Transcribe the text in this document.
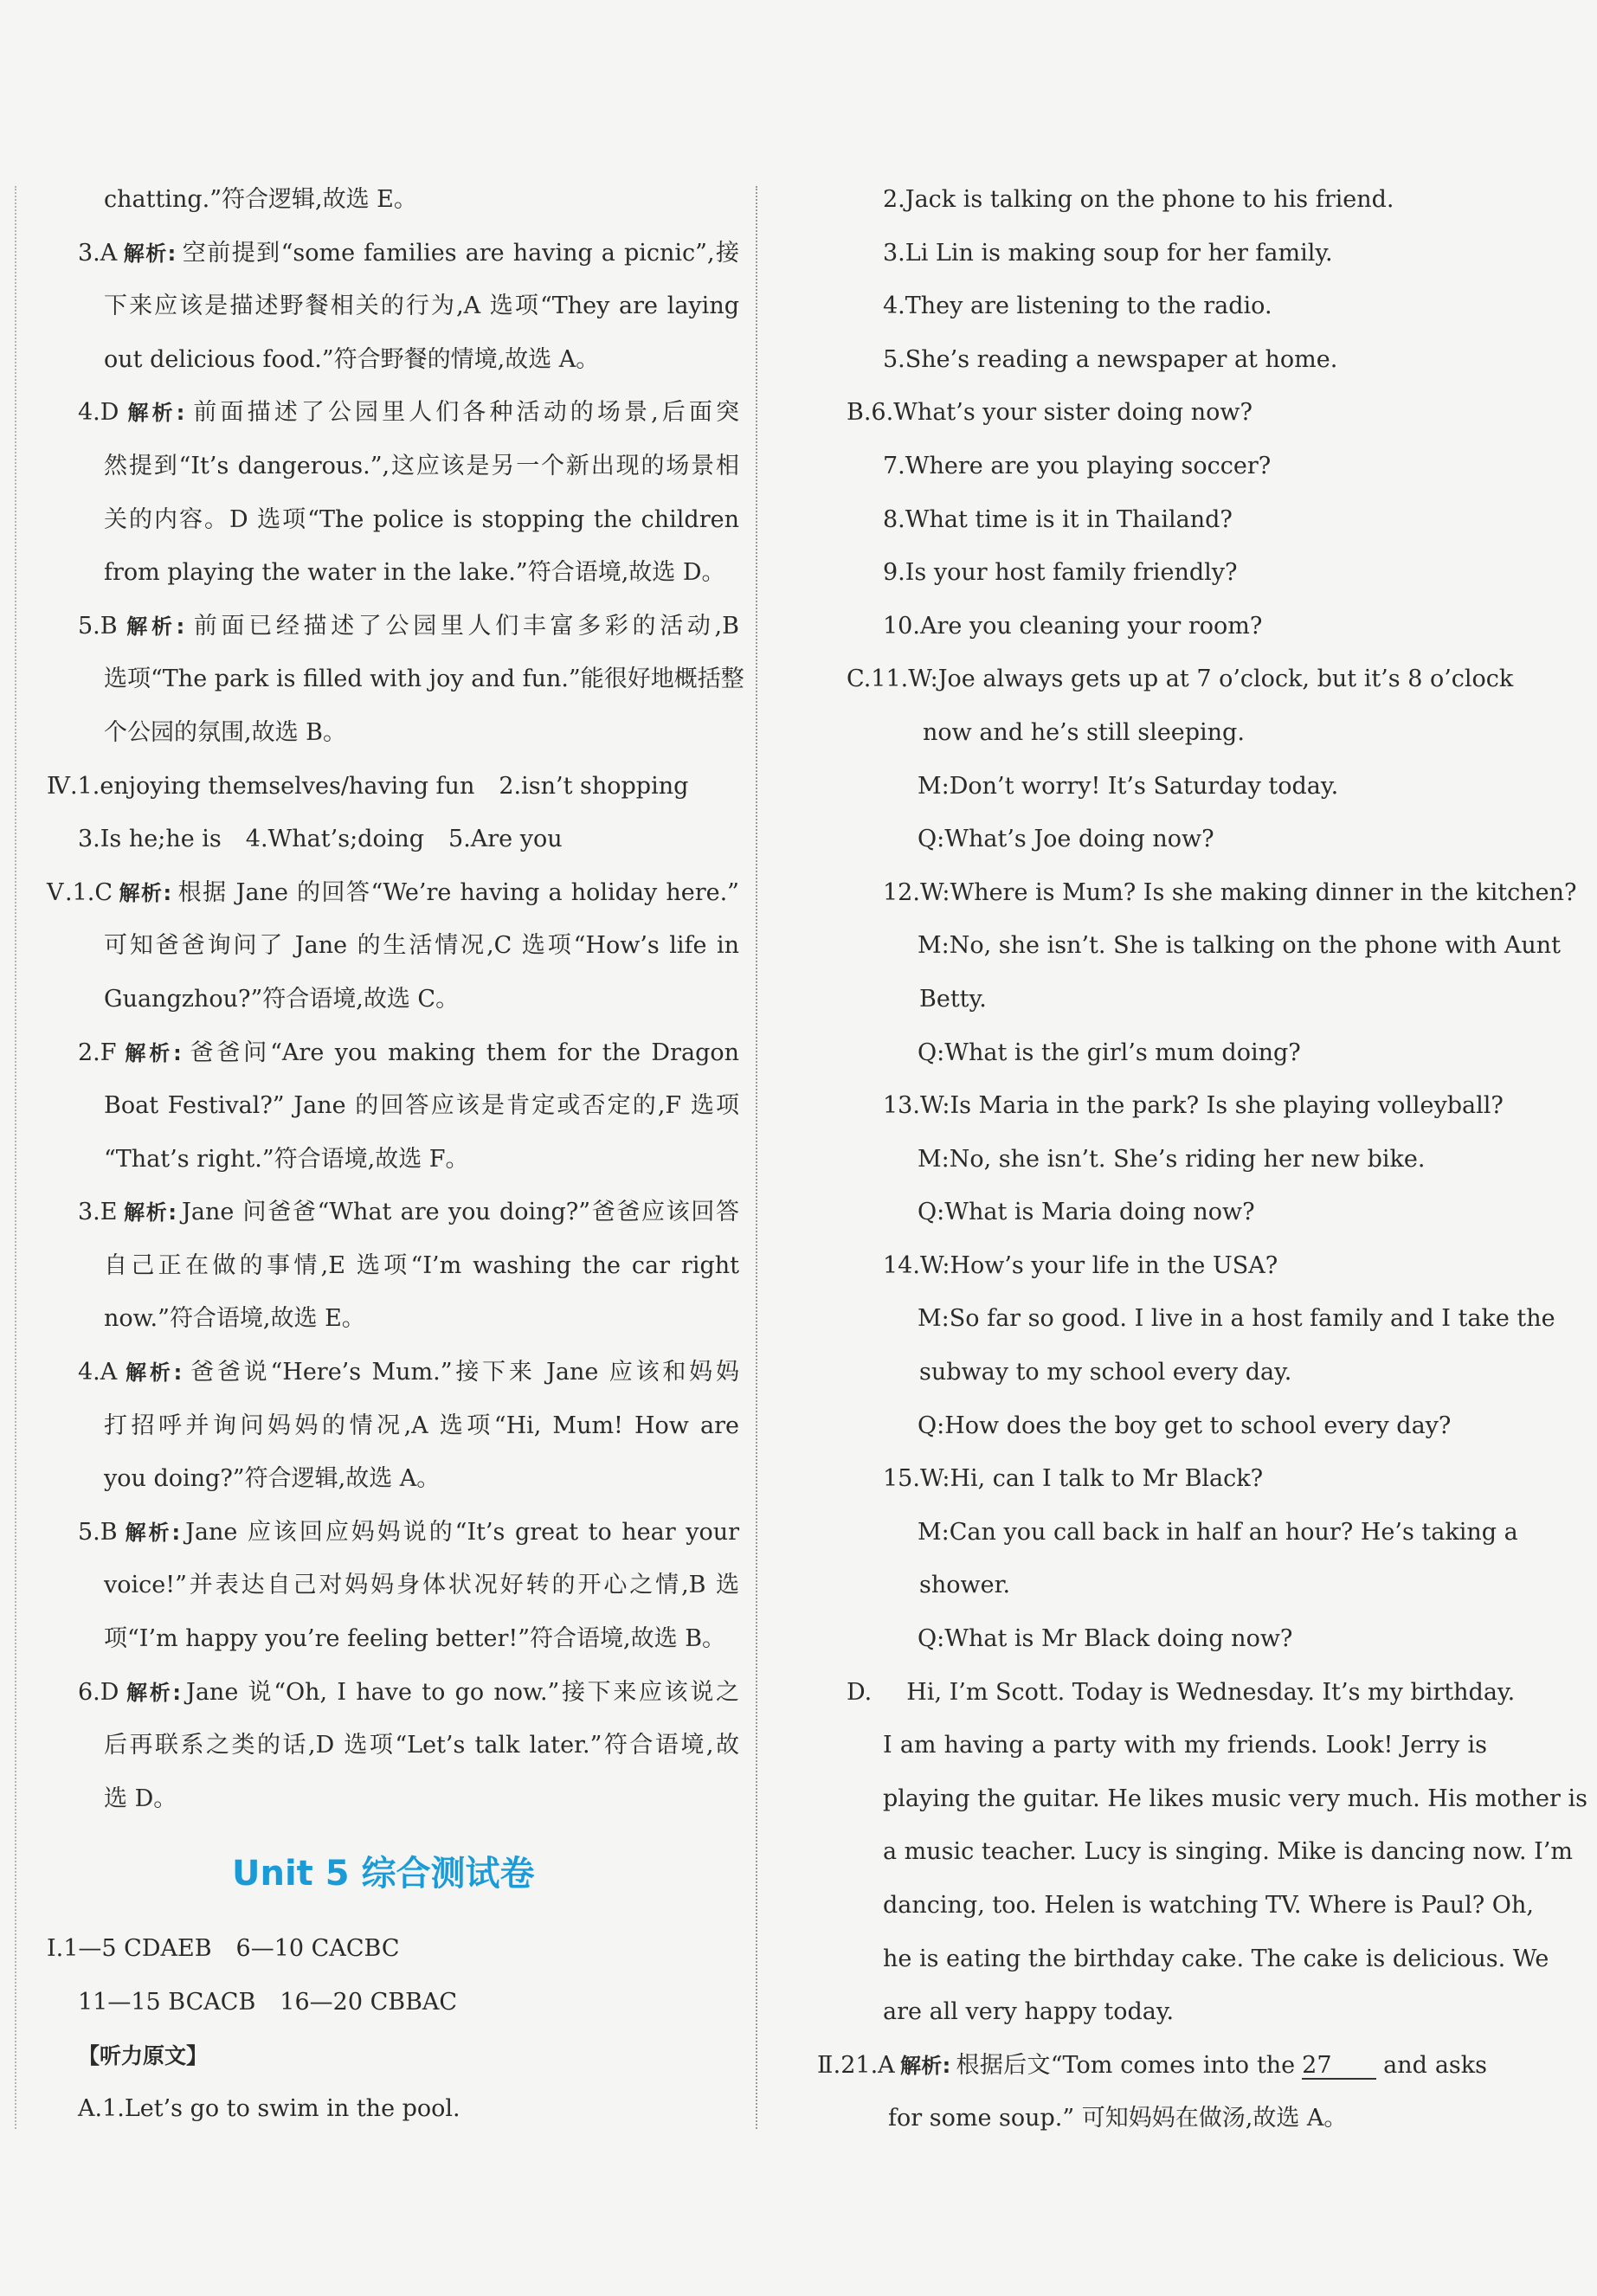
chatting.”符合逻辑,故选 E。
3.A 解析: 空前提到“some families are having a picnic”,接
下来应该是描述野餐相关的行为,A 选项“They are laying
out delicious food.”符合野餐的情境,故选 A。
4.D 解析: 前面描述了公园里人们各种活动的场景,后面突
然提到“It’s dangerous.”,这应该是另一个新出现的场景相
关的内容。D 选项“The police is stopping the children
from playing the water in the lake.”符合语境,故选 D。
5.B 解析: 前面已经描述了公园里人们丰富多彩的活动,B
选项“The park is filled with joy and fun.”能很好地概括整
个公园的氛围,故选 B。
Ⅳ.1.enjoying themselves/having fun 2.isn’t shopping
3.Is he;he is 4.What’s;doing 5.Are you
Ⅴ.1.C 解析: 根据 Jane 的回答“We’re having a holiday here.”
可知爸爸询问了 Jane 的生活情况,C 选项“How’s life in
Guangzhou?”符合语境,故选 C。
2.F 解析: 爸爸问“Are you making them for the Dragon
Boat Festival?” Jane 的回答应该是肯定或否定的,F 选项
“That’s right.”符合语境,故选 F。
3.E 解析: Jane 问爸爸“What are you doing?”爸爸应该回答
自己正在做的事情,E 选项“I’m washing the car right
now.”符合语境,故选 E。
4.A 解析: 爸爸说“Here’s Mum.”接下来 Jane 应该和妈妈
打招呼并询问妈妈的情况,A 选项“Hi, Mum! How are
you doing?”符合逻辑,故选 A。
5.B 解析: Jane 应该回应妈妈说的“It’s great to hear your
voice!”并表达自己对妈妈身体状况好转的开心之情,B 选
项“I’m happy you’re feeling better!”符合语境,故选 B。
6.D 解析: Jane 说“Oh, I have to go now.”接下来应该说之
后再联系之类的话,D 选项“Let’s talk later.”符合语境,故
选 D。
Unit 5 综合测试卷
Ⅰ.1—5 CDAEB 6—10 CACBC
11—15 BCACB 16—20 CBBAC
【听力原文】
A.1.Let’s go to swim in the pool.
2.Jack is talking on the phone to his friend.
3.Li Lin is making soup for her family.
4.They are listening to the radio.
5.She’s reading a newspaper at home.
B.6.What’s your sister doing now?
7.Where are you playing soccer?
8.What time is it in Thailand?
9.Is your host family friendly?
10.Are you cleaning your room?
C.11.W:Joe always gets up at 7 o’clock, but it’s 8 o’clock
now and he’s still sleeping.
M:Don’t worry! It’s Saturday today.
Q:What’s Joe doing now?
12.W:Where is Mum? Is she making dinner in the kitchen?
M:No, she isn’t. She is talking on the phone with Aunt
Betty.
Q:What is the girl’s mum doing?
13.W:Is Maria in the park? Is she playing volleyball?
M:No, she isn’t. She’s riding her new bike.
Q:What is Maria doing now?
14.W:How’s your life in the USA?
M:So far so good. I live in a host family and I take the
subway to my school every day.
Q:How does the boy get to school every day?
15.W:Hi, can I talk to Mr Black?
M:Can you call back in half an hour? He’s taking a
shower.
Q:What is Mr Black doing now?
D. Hi, I’m Scott. Today is Wednesday. It’s my birthday.
I am having a party with my friends. Look! Jerry is
playing the guitar. He likes music very much. His mother is
a music teacher. Lucy is singing. Mike is dancing now. I’m
dancing, too. Helen is watching TV. Where is Paul? Oh,
he is eating the birthday cake. The cake is delicious. We
are all very happy today.
Ⅱ.21.A 解析: 根据后文“Tom comes into the 27 and asks
for some soup.” 可知妈妈在做汤,故选 A。
